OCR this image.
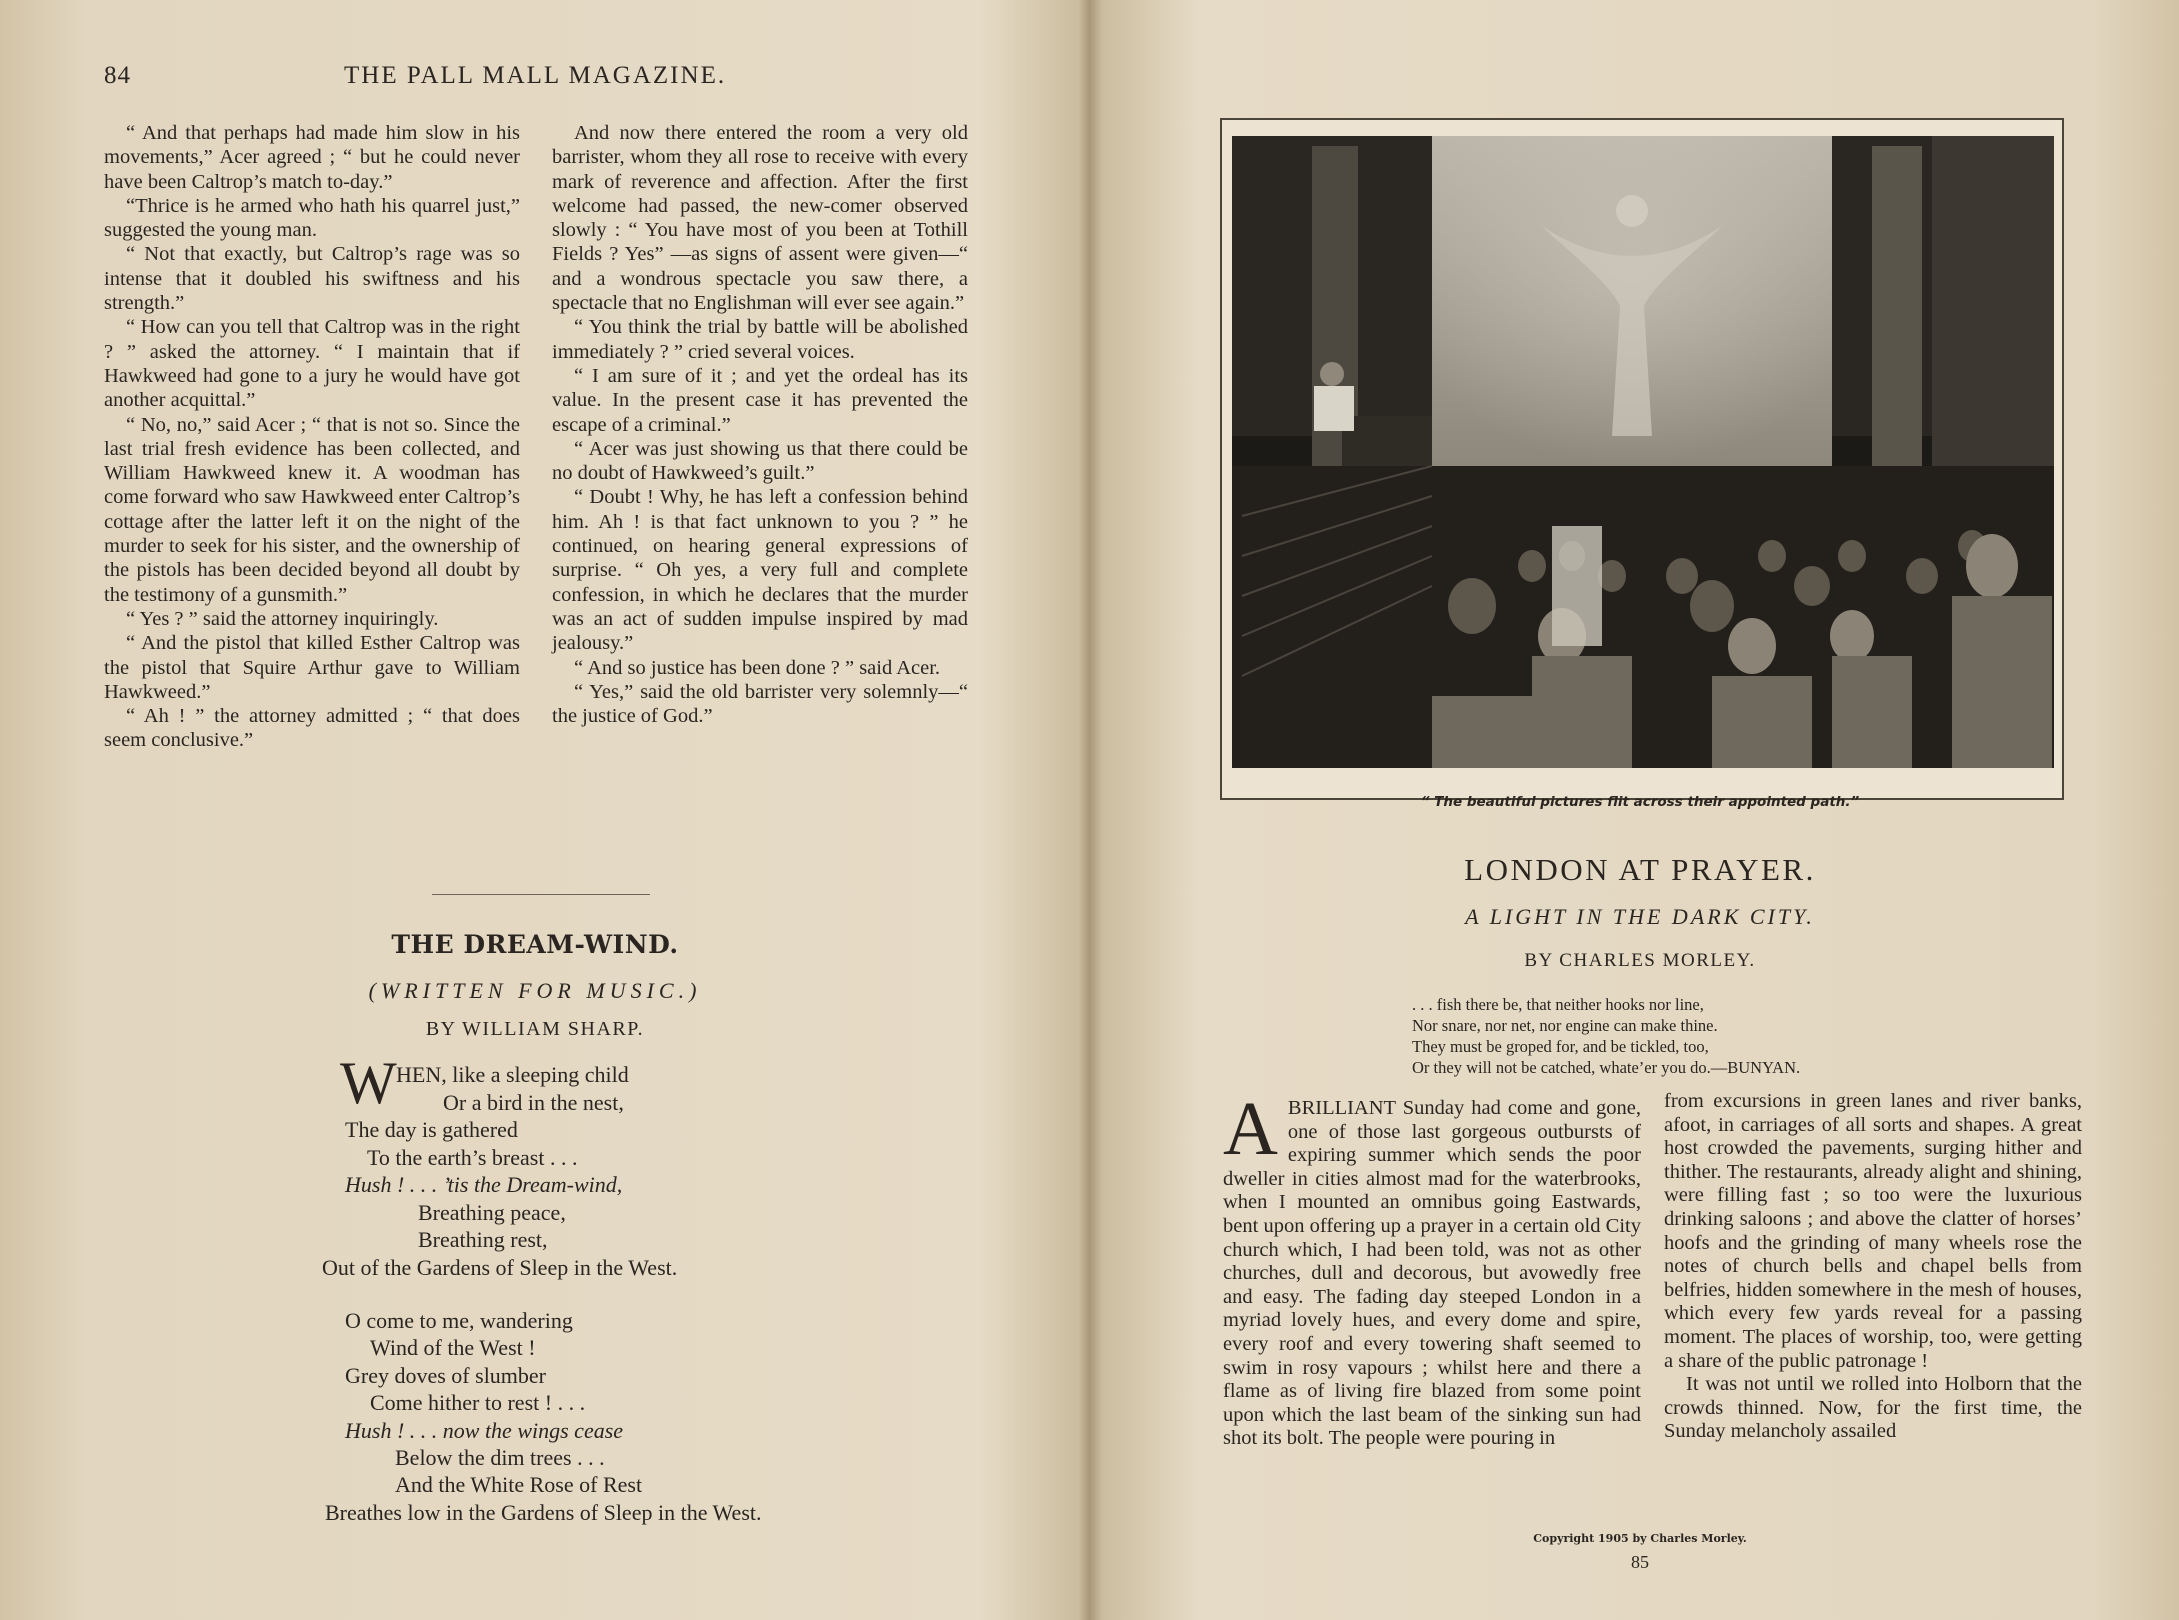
84	THE PALL MALL MAGAZINE.

“ And that perhaps had made him slow in his movements,” Acer agreed ; “ but he could never have been Caltrop’s match to-day.”

“Thrice is he armed who hath his quarrel just,” suggested the young man.

“ Not that exactly, but Caltrop’s rage was so intense that it doubled his swiftness and his strength.”

“ How can you tell that Caltrop was in the right ? ” asked the attorney. “ I maintain that if Hawkweed had gone to a jury he would have got another acquittal.”

“ No, no,” said Acer ; “ that is not so. Since the last trial fresh evidence has been collected, and William Hawkweed knew it. A woodman has come forward who saw Hawkweed enter Caltrop’s cottage after the latter left it on the night of the murder to seek for his sister, and the ownership of the pistols has been decided beyond all doubt by the testimony of a gunsmith.”

“ Yes ? ” said the attorney inquiringly.

“ And the pistol that killed Esther Caltrop was the pistol that Squire Arthur gave to William Hawkweed.”

“ Ah ! ” the attorney admitted ; “ that does seem conclusive.”

And now there entered the room a very old barrister, whom they all rose to receive with every mark of reverence and affection. After the first welcome had passed, the new-comer observed slowly : “ You have most of you been at Tothill Fields ? Yes” —as signs of assent were given—“ and a wondrous spectacle you saw there, a spectacle that no Englishman will ever see again.”

“ You think the trial by battle will be abolished immediately ? ” cried several voices.

“ I am sure of it ; and yet the ordeal has its value. In the present case it has prevented the escape of a criminal.”

“ Acer was just showing us that there could be no doubt of Hawkweed’s guilt.”

“ Doubt ! Why, he has left a confession behind him. Ah ! is that fact unknown to you ? ” he continued, on hearing general expressions of surprise. “ Oh yes, a very full and complete confession, in which he declares that the murder was an act of sudden impulse inspired by mad jealousy.”

“ And so justice has been done ? ” said Acer.

“ Yes,” said the old barrister very solemnly—“ the justice of God.”

THE DREAM-WIND.
(WRITTEN FOR MUSIC.)
BY WILLIAM SHARP.
W HEN, like a sleeping child
Or a bird in the nest,
The day is gathered
To the earth’s breast . . .
Hush ! . . . ’tis the Dream-wind,
Breathing peace,
Breathing rest,
Out of the Gardens of Sleep in the West.
O come to me, wandering
Wind of the West !
Grey doves of slumber
Come hither to rest ! . . .
Hush ! . . . now the wings cease
Below the dim trees . . .
And the White Rose of Rest
Breathes low in the Gardens of Sleep in the West.
“ The beautiful pictures flit across their appointed path.”
LONDON AT PRAYER.
A LIGHT IN THE DARK CITY.
BY CHARLES MORLEY.
. . . fish there be, that neither hooks nor line,
Nor snare, nor net, nor engine can make thine.
They must be groped for, and be tickled, too,
Or they will not be catched, whate’er you do.—BUNYAN.
A BRILLIANT Sunday had come and gone, one of those last gorgeous outbursts of expiring summer which sends the poor dweller in cities almost mad for the waterbrooks, when I mounted an omnibus going Eastwards, bent upon offering up a prayer in a certain old City church which, I had been told, was not as other churches, dull and decorous, but avowedly free and easy. The fading day steeped London in a myriad lovely hues, and every dome and spire, every roof and every towering shaft seemed to swim in rosy vapours ; whilst here and there a flame as of living fire blazed from some point upon which the last beam of the sinking sun had shot its bolt. The people were pouring in

from excursions in green lanes and river banks, afoot, in carriages of all sorts and shapes. A great host crowded the pavements, surging hither and thither. The restaurants, already alight and shining, were filling fast ; so too were the luxurious drinking saloons ; and above the clatter of horses’ hoofs and the grinding of many wheels rose the notes of church bells and chapel bells from belfries, hidden somewhere in the mesh of houses, which every few yards reveal for a passing moment. The places of worship, too, were getting a share of the public patronage !

It was not until we rolled into Holborn that the crowds thinned. Now, for the first time, the Sunday melancholy assailed

Copyright 1905 by Charles Morley.
85
